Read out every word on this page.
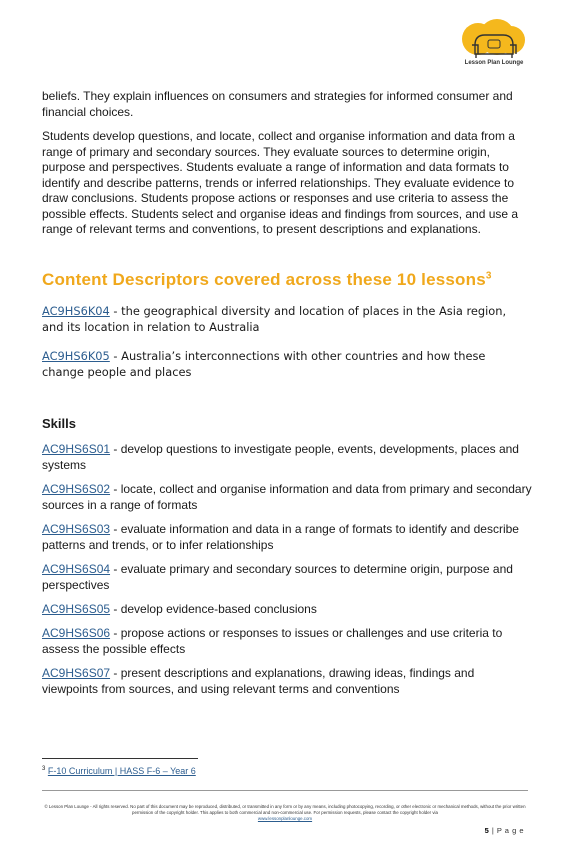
Lesson Plan Lounge

beliefs. They explain influences on consumers and strategies for informed consumer and financial choices.

Students develop questions, and locate, collect and organise information and data from a range of primary and secondary sources. They evaluate sources to determine origin, purpose and perspectives. Students evaluate a range of information and data formats to identify and describe patterns, trends or inferred relationships. They evaluate evidence to draw conclusions. Students propose actions or responses and use criteria to assess the possible effects. Students select and organise ideas and findings from sources, and use a range of relevant terms and conventions, to present descriptions and explanations.

Content Descriptors covered across these 10 lessons$^3$
AC9HS6K04 - the geographical diversity and location of places in the Asia region, and its location in relation to Australia
AC9HS6K05 - Australia’s interconnections with other countries and how these change people and places
Skills
AC9HS6S01 - develop questions to investigate people, events, developments, places and systems
AC9HS6S02 - locate, collect and organise information and data from primary and secondary sources in a range of formats
AC9HS6S03 - evaluate information and data in a range of formats to identify and describe patterns and trends, or to infer relationships
AC9HS6S04 - evaluate primary and secondary sources to determine origin, purpose and perspectives
AC9HS6S05 - develop evidence-based conclusions
AC9HS6S06 - propose actions or responses to issues or challenges and use criteria to assess the possible effects
AC9HS6S07 - present descriptions and explanations, drawing ideas, findings and viewpoints from sources, and using relevant terms and conventions
$^3$ F-10 Curriculum | HASS F-6 – Year 6
© Lesson Plan Lounge - All rights reserved. No part of this document may be reproduced, distributed, or transmitted in any form or by any means, including photocopying, recording, or other electronic or mechanical methods, without the prior written permission of the copyright holder. This applies to both commercial and non-commercial use. For permission requests, please contact the copyright holder via
www.lessonplanlounge.com
5 | P a g e
